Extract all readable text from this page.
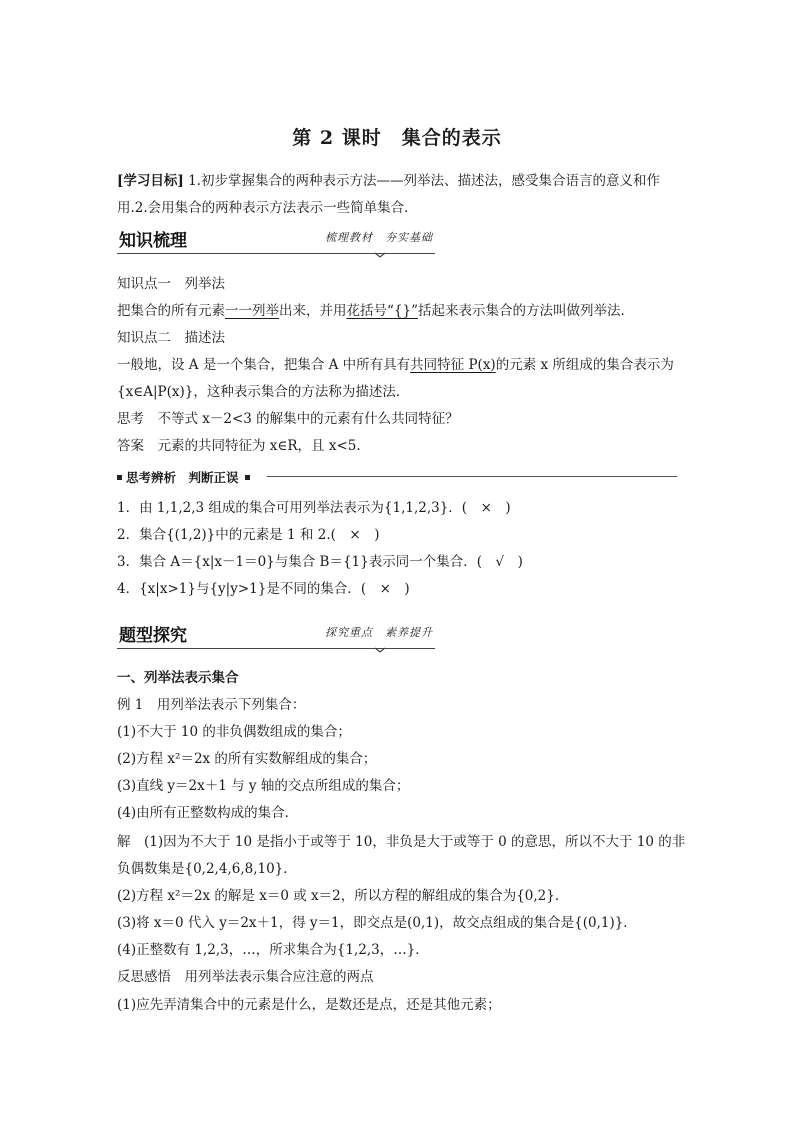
第 2 课时　集合的表示
[学习目标] 1.初步掌握集合的两种表示方法——列举法、描述法，感受集合语言的意义和作
用.2.会用集合的两种表示方法表示一些简单集合．
知识梳理	梳理教材　夯实基础
知识点一　列举法
把集合的所有元素一一列举出来，并用花括号“{}”括起来表示集合的方法叫做列举法．
知识点二　描述法
一般地，设 A 是一个集合，把集合 A 中所有具有共同特征 P(x)的元素 x 所组成的集合表示为
{x∈A|P(x)}，这种表示集合的方法称为描述法．
思考　不等式 x－2<3 的解集中的元素有什么共同特征？
答案　元素的共同特征为 x∈R，且 x<5.
思考辨析　判断正误
1．由 1,1,2,3 组成的集合可用列举法表示为{1,1,2,3}．(　×　)
2．集合{(1,2)}中的元素是 1 和 2.(　×　)
3．集合 A＝{x|x－1＝0}与集合 B＝{1}表示同一个集合．(　√　)
4．{x|x>1}与{y|y>1}是不同的集合．(　×　)
题型探究	探究重点　素养提升
一、列举法表示集合
例 1　用列举法表示下列集合：
(1)不大于 10 的非负偶数组成的集合；
(2)方程 x²＝2x 的所有实数解组成的集合；
(3)直线 y＝2x＋1 与 y 轴的交点所组成的集合；
(4)由所有正整数构成的集合．
解　(1)因为不大于 10 是指小于或等于 10，非负是大于或等于 0 的意思，所以不大于 10 的非
负偶数集是{0,2,4,6,8,10}．
(2)方程 x²＝2x 的解是 x＝0 或 x＝2，所以方程的解组成的集合为{0,2}．
(3)将 x＝0 代入 y＝2x＋1，得 y＝1，即交点是(0,1)，故交点组成的集合是{(0,1)}．
(4)正整数有 1,2,3，…，所求集合为{1,2,3，…}．
反思感悟　用列举法表示集合应注意的两点
(1)应先弄清集合中的元素是什么，是数还是点，还是其他元素；
